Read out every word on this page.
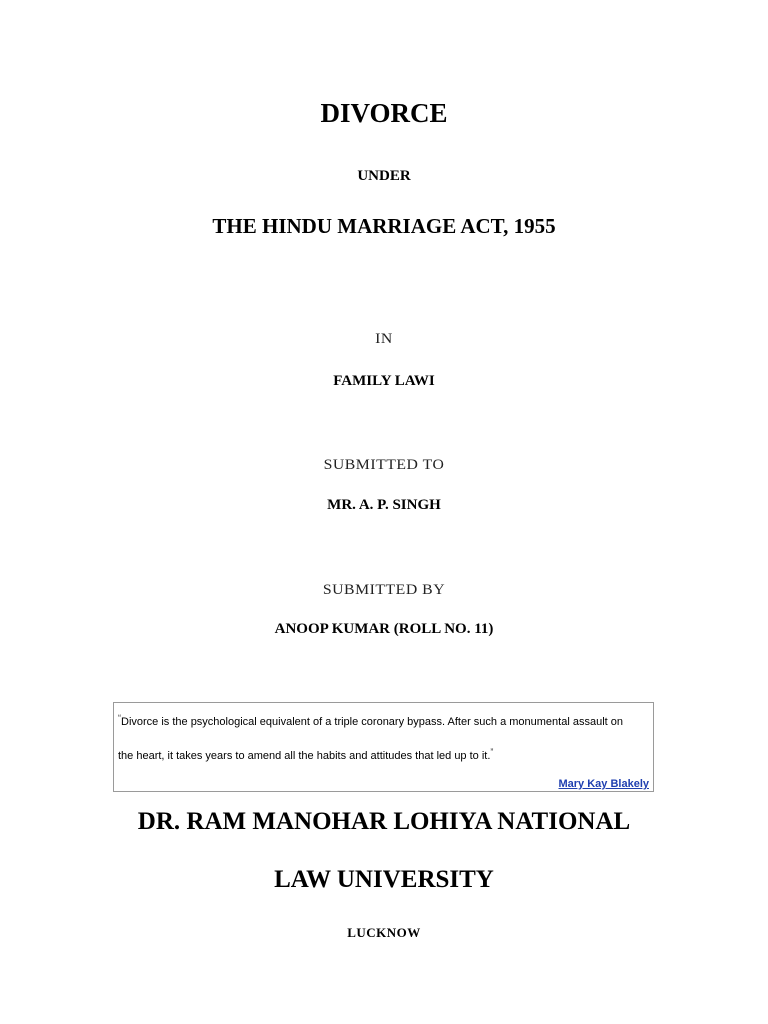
DIVORCE
UNDER
THE HINDU MARRIAGE ACT, 1955
IN
FAMILY LAWI
SUBMITTED TO
MR. A. P. SINGH
SUBMITTED BY
ANOOP KUMAR (ROLL NO. 11)
“Divorce is the psychological equivalent of a triple coronary bypass. After such a monumental assault on
the heart, it takes years to amend all the habits and attitudes that led up to it.”
Mary Kay Blakely
DR. RAM MANOHAR LOHIYA NATIONAL
LAW UNIVERSITY
LUCKNOW
